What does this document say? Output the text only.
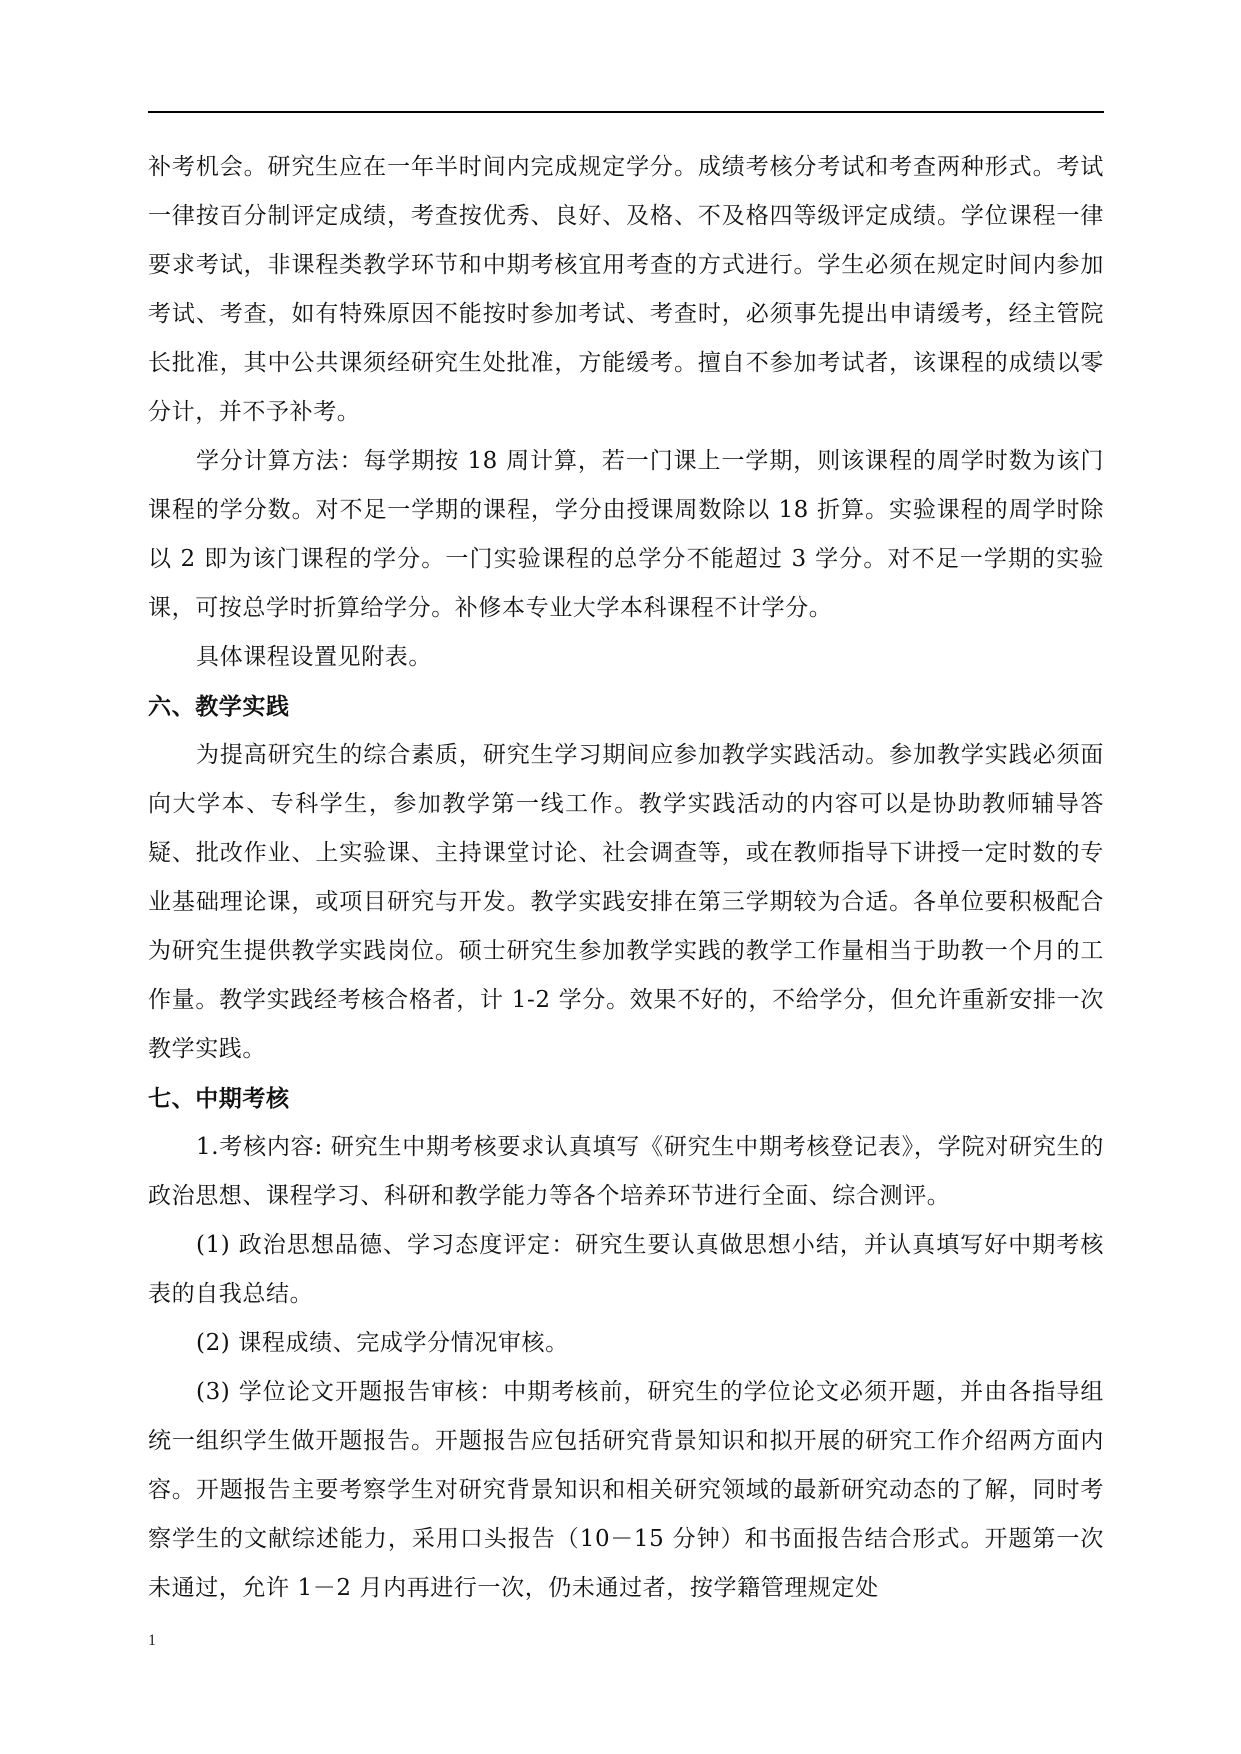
补考机会。研究生应在一年半时间内完成规定学分。成绩考核分考试和考查两种形式。考试一律按百分制评定成绩，考查按优秀、良好、及格、不及格四等级评定成绩。学位课程一律要求考试，非课程类教学环节和中期考核宜用考查的方式进行。学生必须在规定时间内参加考试、考查，如有特殊原因不能按时参加考试、考查时，必须事先提出申请缓考，经主管院长批准，其中公共课须经研究生处批准，方能缓考。擅自不参加考试者，该课程的成绩以零分计，并不予补考。

学分计算方法：每学期按 18 周计算，若一门课上一学期，则该课程的周学时数为该门课程的学分数。对不足一学期的课程，学分由授课周数除以 18 折算。实验课程的周学时除以 2 即为该门课程的学分。一门实验课程的总学分不能超过 3 学分。对不足一学期的实验课，可按总学时折算给学分。补修本专业大学本科课程不计学分。

具体课程设置见附表。

六、教学实践

为提高研究生的综合素质，研究生学习期间应参加教学实践活动。参加教学实践必须面向大学本、专科学生，参加教学第一线工作。教学实践活动的内容可以是协助教师辅导答疑、批改作业、上实验课、主持课堂讨论、社会调查等，或在教师指导下讲授一定时数的专业基础理论课，或项目研究与开发。教学实践安排在第三学期较为合适。各单位要积极配合为研究生提供教学实践岗位。硕士研究生参加教学实践的教学工作量相当于助教一个月的工作量。教学实践经考核合格者，计 1-2 学分。效果不好的，不给学分，但允许重新安排一次教学实践。

七、中期考核

1.考核内容: 研究生中期考核要求认真填写《研究生中期考核登记表》，学院对研究生的政治思想、课程学习、科研和教学能力等各个培养环节进行全面、综合测评。

(1) 政治思想品德、学习态度评定：研究生要认真做思想小结，并认真填写好中期考核表的自我总结。

(2) 课程成绩、完成学分情况审核。

(3) 学位论文开题报告审核：中期考核前，研究生的学位论文必须开题，并由各指导组统一组织学生做开题报告。开题报告应包括研究背景知识和拟开展的研究工作介绍两方面内容。开题报告主要考察学生对研究背景知识和相关研究领域的最新研究动态的了解，同时考察学生的文献综述能力，采用口头报告（10－15 分钟）和书面报告结合形式。开题第一次未通过，允许 1－2 月内再进行一次，仍未通过者，按学籍管理规定处

1
